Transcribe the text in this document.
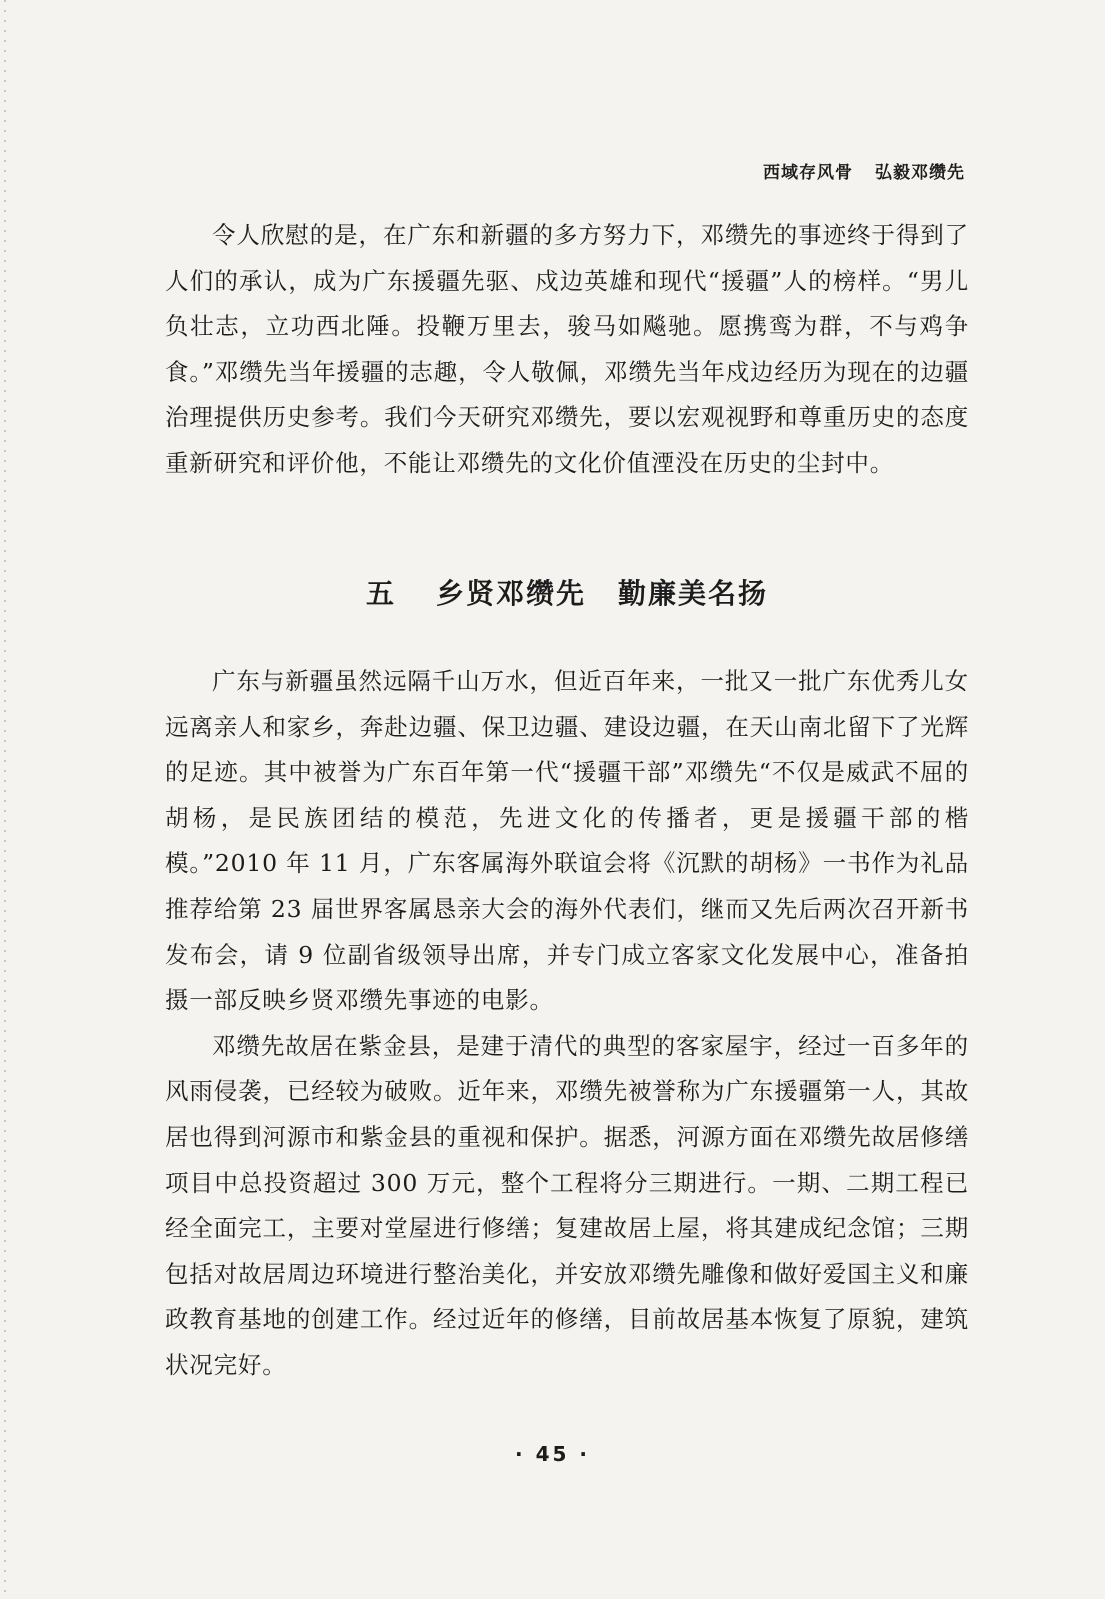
西域存风骨 弘毅邓缵先

令人欣慰的是，在广东和新疆的多方努力下，邓缵先的事迹终于得到了人们的承认，成为广东援疆先驱、戍边英雄和现代“援疆”人的榜样。“男儿负壮志，立功西北陲。投鞭万里去，骏马如飚驰。愿携鸾为群，不与鸡争食。”邓缵先当年援疆的志趣，令人敬佩，邓缵先当年戍边经历为现在的边疆治理提供历史参考。我们今天研究邓缵先，要以宏观视野和尊重历史的态度重新研究和评价他，不能让邓缵先的文化价值湮没在历史的尘封中。

五 乡贤邓缵先 勤廉美名扬

广东与新疆虽然远隔千山万水，但近百年来，一批又一批广东优秀儿女远离亲人和家乡，奔赴边疆、保卫边疆、建设边疆，在天山南北留下了光辉的足迹。其中被誉为广东百年第一代“援疆干部”邓缵先“不仅是威武不屈的胡杨，是民族团结的模范，先进文化的传播者，更是援疆干部的楷模。”2010 年 11 月，广东客属海外联谊会将《沉默的胡杨》一书作为礼品推荐给第 23 届世界客属恳亲大会的海外代表们，继而又先后两次召开新书发布会，请 9 位副省级领导出席，并专门成立客家文化发展中心，准备拍摄一部反映乡贤邓缵先事迹的电影。

邓缵先故居在紫金县，是建于清代的典型的客家屋宇，经过一百多年的风雨侵袭，已经较为破败。近年来，邓缵先被誉称为广东援疆第一人，其故居也得到河源市和紫金县的重视和保护。据悉，河源方面在邓缵先故居修缮项目中总投资超过 300 万元，整个工程将分三期进行。一期、二期工程已经全面完工，主要对堂屋进行修缮；复建故居上屋，将其建成纪念馆；三期包括对故居周边环境进行整治美化，并安放邓缵先雕像和做好爱国主义和廉政教育基地的创建工作。经过近年的修缮，目前故居基本恢复了原貌，建筑状况完好。

· 45 ·
